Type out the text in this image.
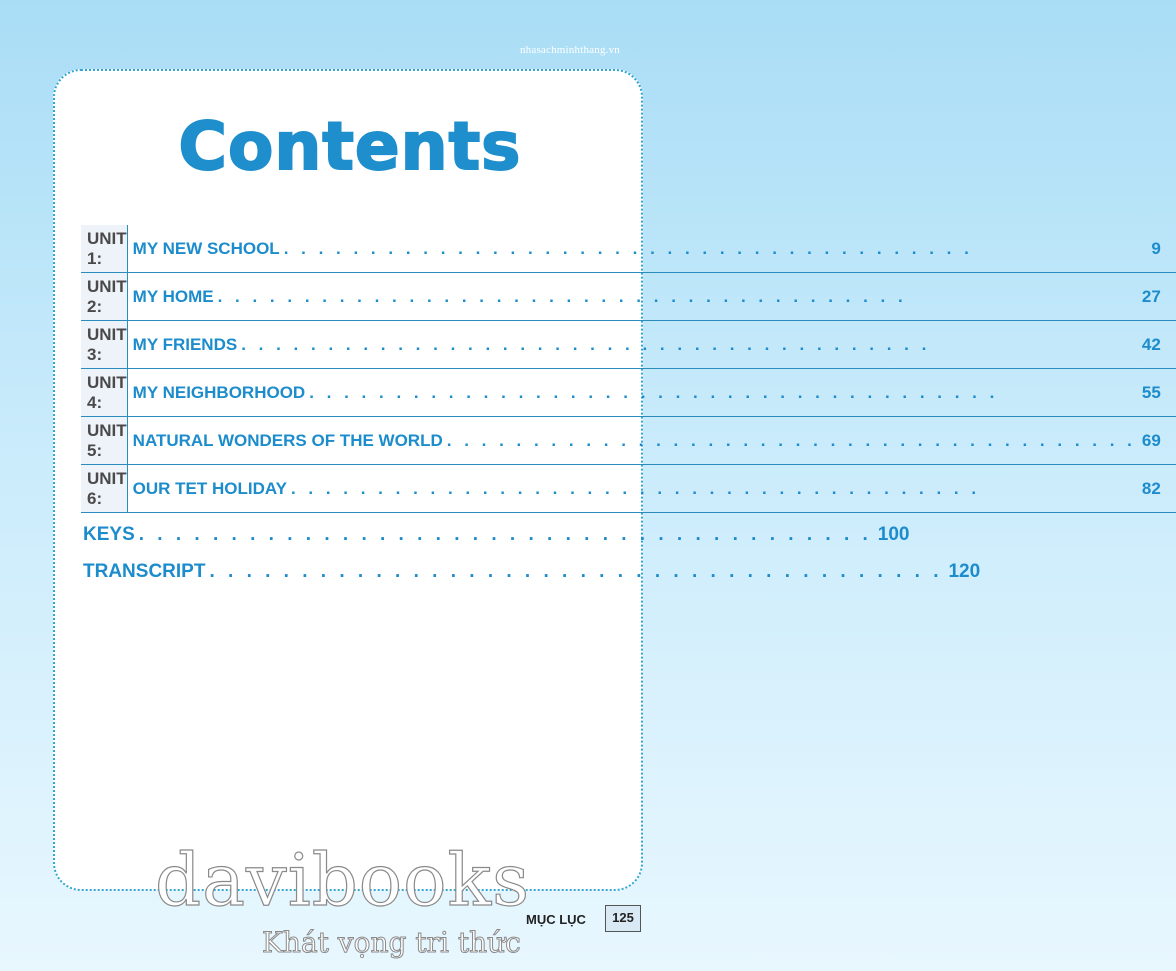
nhasachminhthang.vn
Contents
UNIT 1:	MY NEW SCHOOL . . . . . . . . . . . . . . . . . . . . . . . . . . . . . . . . . . . . . . . . 9

UNIT 2:	MY HOME . . . . . . . . . . . . . . . . . . . . . . . . . . . . . . . . . . . . . . . . 27

UNIT 3:	MY FRIENDS . . . . . . . . . . . . . . . . . . . . . . . . . . . . . . . . . . . . . . . . 42

UNIT 4:	MY NEIGHBORHOOD . . . . . . . . . . . . . . . . . . . . . . . . . . . . . . . . . . . . . . . . 55

UNIT 5:	NATURAL WONDERS OF THE WORLD . . . . . . . . . . . . . . . . . . . . . . . . . . . . . . . . . . . . . . . . 69

UNIT 6:	OUR TET HOLIDAY . . . . . . . . . . . . . . . . . . . . . . . . . . . . . . . . . . . . . . . . 82
KEYS . . . . . . . . . . . . . . . . . . . . . . . . . . . . . . . . . . . . . . . . 100
TRANSCRIPT . . . . . . . . . . . . . . . . . . . . . . . . . . . . . . . . . . . . . . . . 120
davibooks
Khát vọng tri thức
MỤC LỤC	125
